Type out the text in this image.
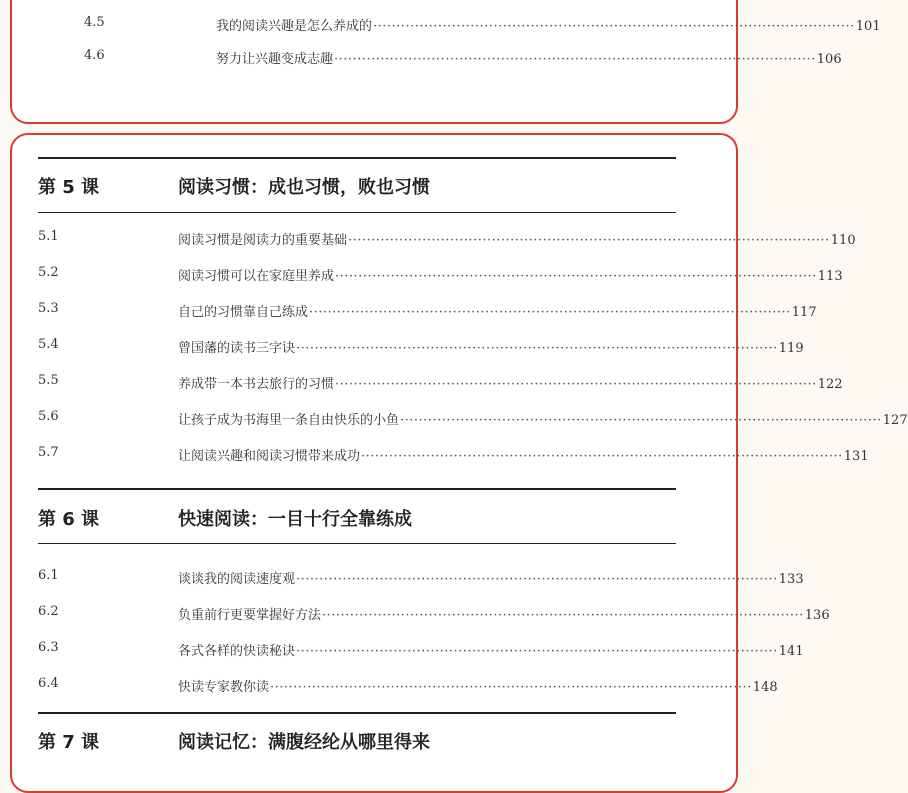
4.5	我的阅读兴趣是怎么养成的 ········································································································ 101
4.6	努力让兴趣变成志趣 ········································································································ 106
第 5 课	阅读习惯：成也习惯，败也习惯
5.1	阅读习惯是阅读力的重要基础 ········································································································ 110
5.2	阅读习惯可以在家庭里养成 ········································································································ 113
5.3	自己的习惯靠自己练成 ········································································································ 117
5.4	曾国藩的读书三字诀 ········································································································ 119
5.5	养成带一本书去旅行的习惯 ········································································································ 122
5.6	让孩子成为书海里一条自由快乐的小鱼 ········································································································ 127
5.7	让阅读兴趣和阅读习惯带来成功 ········································································································ 131
第 6 课	快速阅读：一目十行全靠练成
6.1	谈谈我的阅读速度观 ········································································································ 133
6.2	负重前行更要掌握好方法 ········································································································ 136
6.3	各式各样的快读秘诀 ········································································································ 141
6.4	快读专家教你读 ········································································································ 148
第 7 课	阅读记忆：满腹经纶从哪里得来
